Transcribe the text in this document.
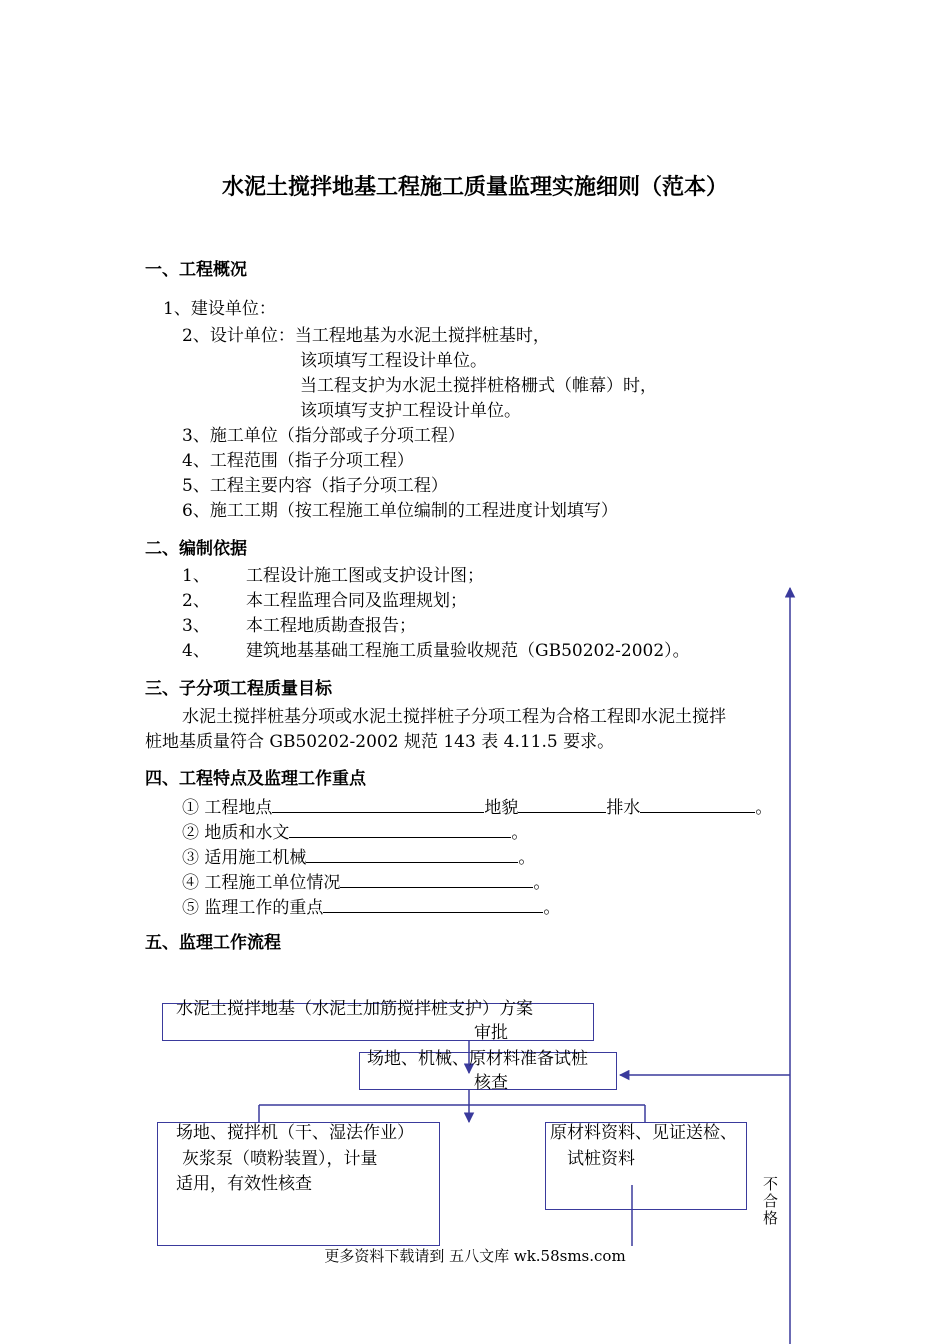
水泥土搅拌地基工程施工质量监理实施细则（范本）
一、工程概况
1、建设单位：
2、设计单位：当工程地基为水泥土搅拌桩基时，
该项填写工程设计单位。
当工程支护为水泥土搅拌桩格栅式（帷幕）时，
该项填写支护工程设计单位。
3、施工单位（指分部或子分项工程）
4、工程范围（指子分项工程）
5、工程主要内容（指子分项工程）
6、施工工期（按工程施工单位编制的工程进度计划填写）
二、编制依据
1、 工程设计施工图或支护设计图；
2、 本工程监理合同及监理规划；
3、 本工程地质勘查报告；
4、 建筑地基基础工程施工质量验收规范（GB50202-2002）。
三、子分项工程质量目标
水泥土搅拌桩基分项或水泥土搅拌桩子分项工程为合格工程即水泥土搅拌
桩地基质量符合 GB50202-2002 规范 143 表 4.11.5 要求。
四、工程特点及监理工作重点
① 工程地点	地貌	排水	。
② 地质和水文	。
③ 适用施工机械	。
④ 工程施工单位情况	。
⑤ 监理工作的重点	。
五、监理工作流程
水泥土搅拌地基（水泥土加筋搅拌桩支护）方案
审批
场地、机械、原材料准备试桩
核查
场地、搅拌机（干、湿法作业）
灰浆泵（喷粉装置），计量
适用，有效性核查
原材料资料、见证送检、
试桩资料
不
合
格
更多资料下载请到 五八文库 wk.58sms.com
